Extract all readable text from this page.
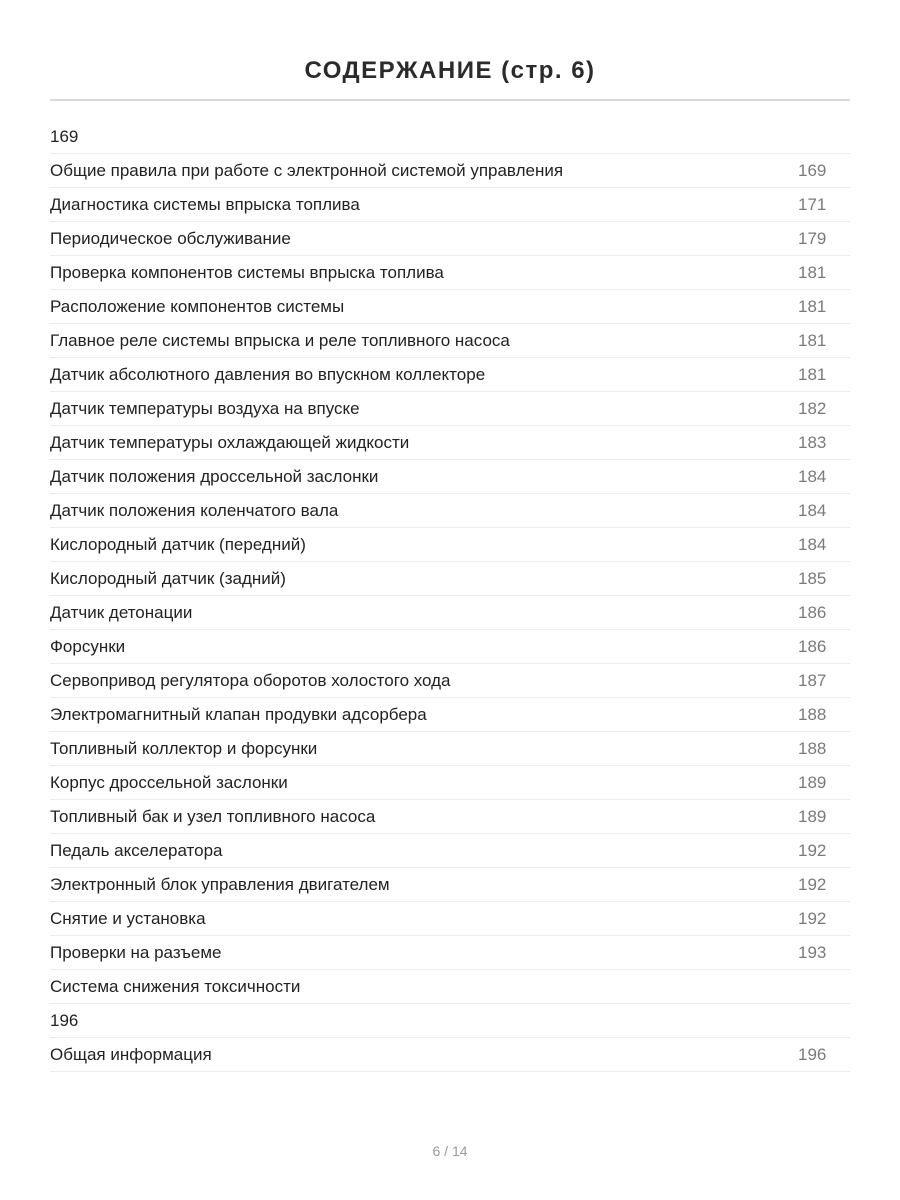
СОДЕРЖАНИЕ (стр. 6)
169
Общие правила при работе с электронной системой управления	169
Диагностика системы впрыска топлива	171
Периодическое обслуживание	179
Проверка компонентов системы впрыска топлива	181
Расположение компонентов системы	181
Главное реле системы впрыска и реле топливного насоса	181
Датчик абсолютного давления во впускном коллекторе	181
Датчик температуры воздуха на впуске	182
Датчик температуры охлаждающей жидкости	183
Датчик положения дроссельной заслонки	184
Датчик положения коленчатого вала	184
Кислородный датчик (передний)	184
Кислородный датчик (задний)	185
Датчик детонации	186
Форсунки	186
Сервопривод регулятора оборотов холостого хода	187
Электромагнитный клапан продувки адсорбера	188
Топливный коллектор и форсунки	188
Корпус дроссельной заслонки	189
Топливный бак и узел топливного насоса	189
Педаль акселератора	192
Электронный блок управления двигателем	192
Снятие и установка	192
Проверки на разъеме	193
Система снижения токсичности
196
Общая информация	196
6 / 14
